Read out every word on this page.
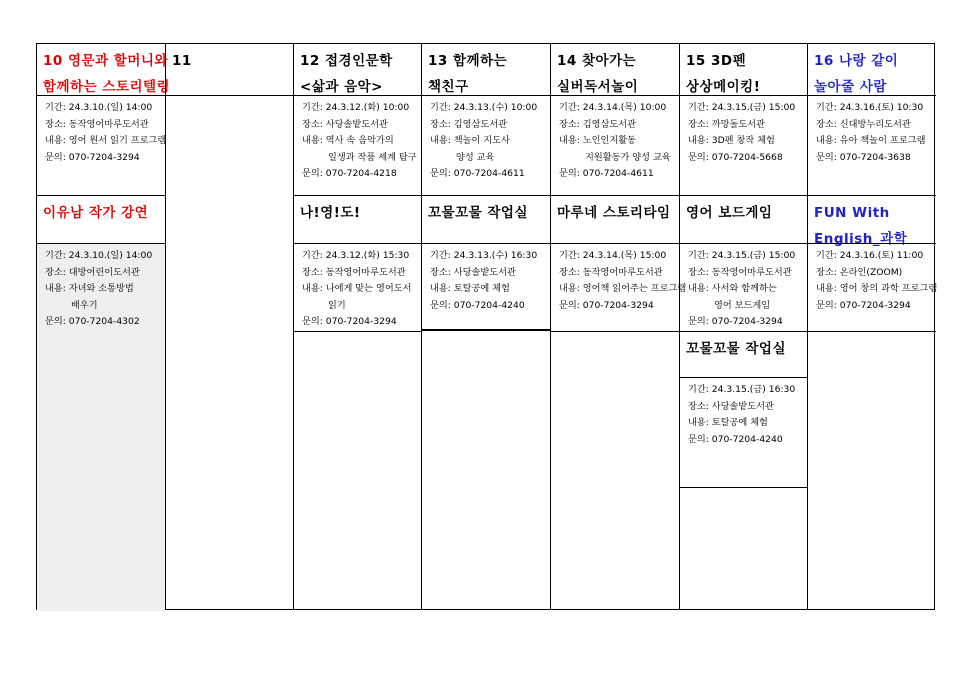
10 영문과 할머니와
함께하는 스토리텔링
기간: 24.3.10.(일) 14:00
장소: 동작영어마루도서관
내용: 영어 원서 읽기 프로그램
문의: 070-7204-3294
이유남 작가 강연
기간: 24.3.10.(일) 14:00
장소: 대방어린이도서관
내용: 자녀와 소통방법
배우기
문의: 070-7204-4302
11	12 접경인문학
<삶과 음악>
기간: 24.3.12.(화) 10:00
장소: 사당솔밭도서관
내용: 역사 속 음악가의
일생과 작품 세계 탐구
문의: 070-7204-4218
나!영!도!
기간: 24.3.12.(화) 15:30
장소: 동작영어마루도서관
내용: 나에게 맞는 영어도서
읽기
문의: 070-7204-3294
13 함께하는
책친구
기간: 24.3.13.(수) 10:00
장소: 김영삼도서관
내용: 책놀이 지도사
양성 교육
문의: 070-7204-4611
꼬물꼬물 작업실
기간: 24.3.13.(수) 16:30
장소: 사당솔밭도서관
내용: 토탈공예 체험
문의: 070-7204-4240
14 찾아가는
실버독서놀이
기간: 24.3.14.(목) 10:00
장소: 김영삼도서관
내용: 노인인지활동
지원활동가 양성 교육
문의: 070-7204-4611
마루네 스토리타임
기간: 24.3.14.(목) 15:00
장소: 동작영어마루도서관
내용: 영어책 읽어주는 프로그램
문의: 070-7204-3294
15 3D펜
상상메이킹!
기간: 24.3.15.(금) 15:00
장소: 까망돌도서관
내용: 3D펜 창작 체험
문의: 070-7204-5668
영어 보드게임
기간: 24.3.15.(금) 15:00
장소: 동작영어마루도서관
내용: 사서와 함께하는
영어 보드게임
문의: 070-7204-3294
꼬물꼬물 작업실
기간: 24.3.15.(금) 16:30
장소: 사당솔밭도서관
내용: 토탈공예 체험
문의: 070-7204-4240
16 나랑 같이
놀아줄 사람
기간: 24.3.16.(토) 10:30
장소: 신대방누리도서관
내용: 유아 책놀이 프로그램
문의: 070-7204-3638
FUN With
English_과학
기간: 24.3.16.(토) 11:00
장소: 온라인(ZOOM)
내용: 영어 창의 과학 프로그램
문의: 070-7204-3294
